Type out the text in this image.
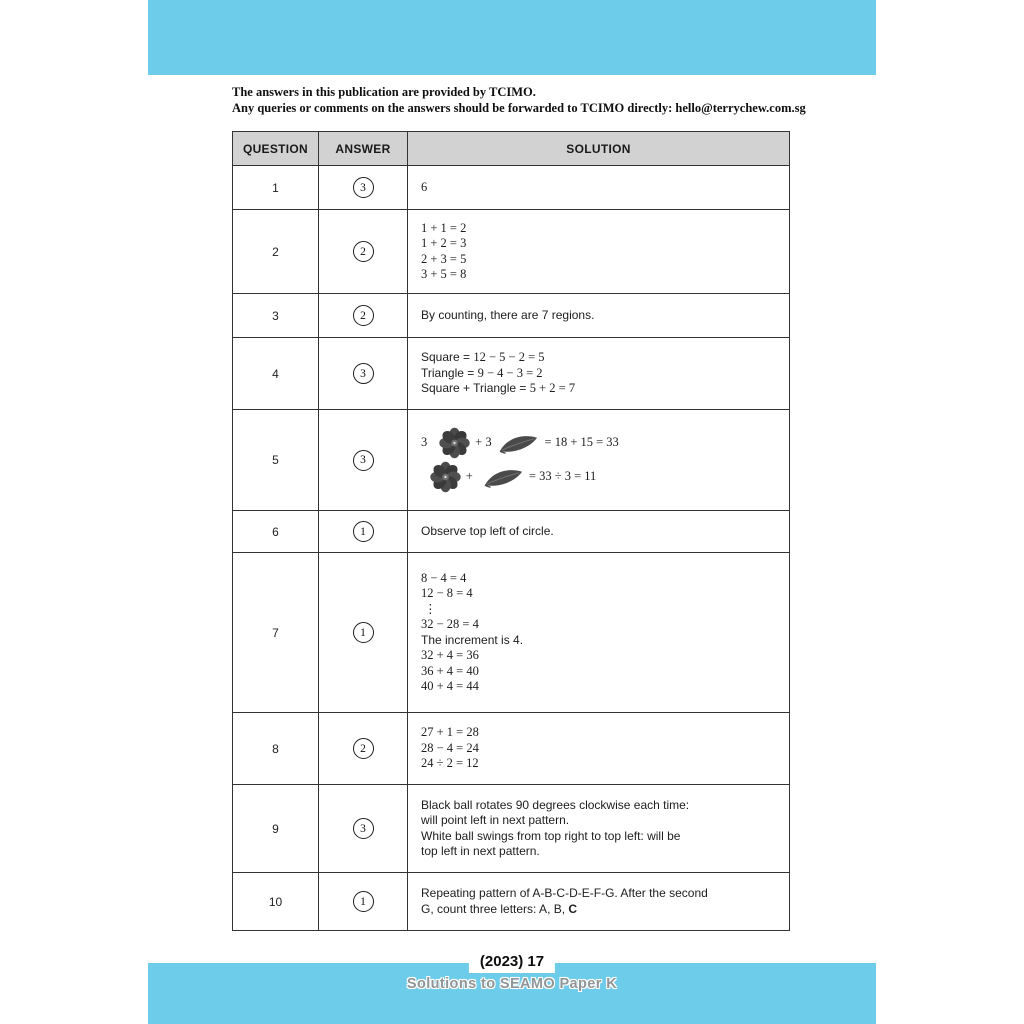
The answers in this publication are provided by TCIMO.
Any queries or comments on the answers should be forwarded to TCIMO directly: hello@terrychew.com.sg
QUESTION	ANSWER	SOLUTION
1	3	6

2	2	1 + 1 = 2
1 + 2 = 3
2 + 3 = 5
3 + 5 = 8

3	2	By counting, there are 7 regions.

4	3	Square = 12 − 5 − 2 = 5
Triangle = 9 − 4 − 3 = 2
Square + Triangle = 5 + 2 = 7

5	3	3
+ 3
= 18 + 15 = 33

+
= 33 ÷ 3 = 11

6	1	Observe top left of circle.

7	1	
8 − 4 = 4
12 − 8 = 4
⋮
32 − 28 = 4
The increment is 4.
32 + 4 = 36
36 + 4 = 40
40 + 4 = 44

8	2	27 + 1 = 28
28 − 4 = 24
24 ÷ 2 = 12

9	3	Black ball rotates 90 degrees clockwise each time:
will point left in next pattern.
White ball swings from top right to top left: will be
top left in next pattern.

10	1	Repeating pattern of A-B-C-D-E-F-G. After the second
G, count three letters: A, B, C
(2023) 17
Solutions to SEAMO Paper K
